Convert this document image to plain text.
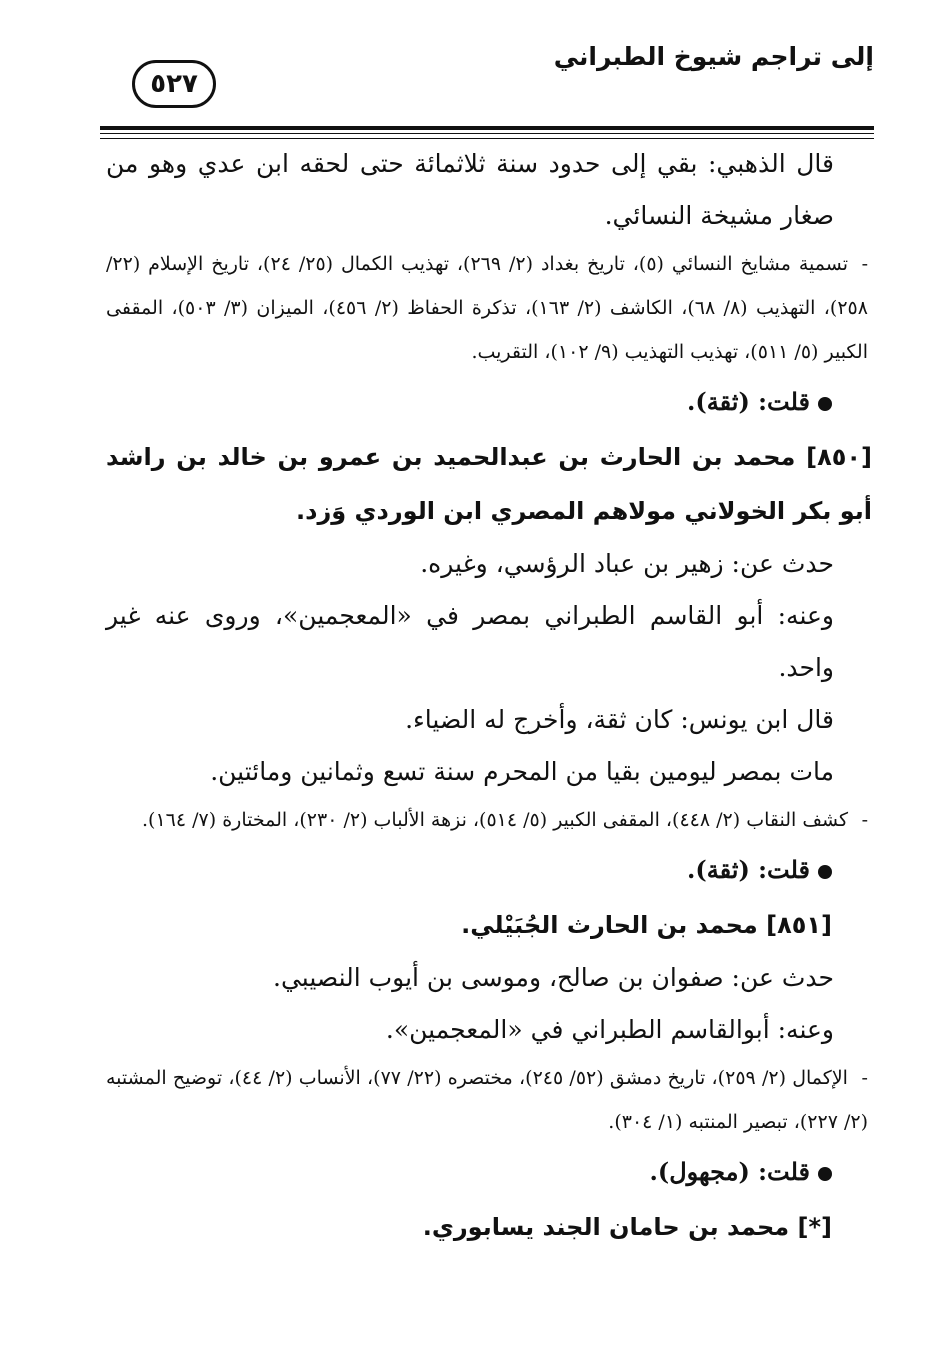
إلى تراجم شيوخ الطبراني
٥٢٧

قال الذهبي: بقي إلى حدود سنة ثلاثمائة حتى لحقه ابن عدي وهو من صغار مشيخة النسائي.

-تسمية مشايخ النسائي (٥)، تاريخ بغداد (٢/ ٢٦٩)، تهذيب الكمال (٢٥/ ٢٤)، تاريخ الإسلام (٢٢/ ٢٥٨)، التهذيب (٨/ ٦٨)، الكاشف (٢/ ١٦٣)، تذكرة الحفاظ (٢/ ٤٥٦)، الميزان (٣/ ٥٠٣)، المقفى الكبير (٥/ ٥١١)، تهذيب التهذيب (٩/ ١٠٢)، التقريب.

قلت: (ثقة).

[٨٥٠] محمد بن الحارث بن عبدالحميد بن عمرو بن خالد بن راشد أبو بكر الخولاني مولاهم المصري ابن الوردي وَزد.

حدث عن: زهير بن عباد الرؤسي، وغيره.

وعنه: أبو القاسم الطبراني بمصر في «المعجمين»، وروى عنه غير واحد.

قال ابن يونس: كان ثقة، وأخرج له الضياء.

مات بمصر ليومين بقيا من المحرم سنة تسع وثمانين ومائتين.

-كشف النقاب (٢/ ٤٤٨)، المقفى الكبير (٥/ ٥١٤)، نزهة الألباب (٢/ ٢٣٠)، المختارة (٧/ ١٦٤).

قلت: (ثقة).

[٨٥١] محمد بن الحارث الجُبَيْلي.

حدث عن: صفوان بن صالح، وموسى بن أيوب النصيبي.

وعنه: أبوالقاسم الطبراني في «المعجمين».

-الإكمال (٢/ ٢٥٩)، تاريخ دمشق (٥٢/ ٢٤٥)، مختصره (٢٢/ ٧٧)، الأنساب (٢/ ٤٤)، توضيح المشتبه (٢/ ٢٢٧)، تبصير المنتبه (١/ ٣٠٤).

قلت: (مجهول).

[*] محمد بن حامان الجند يسابوري.
